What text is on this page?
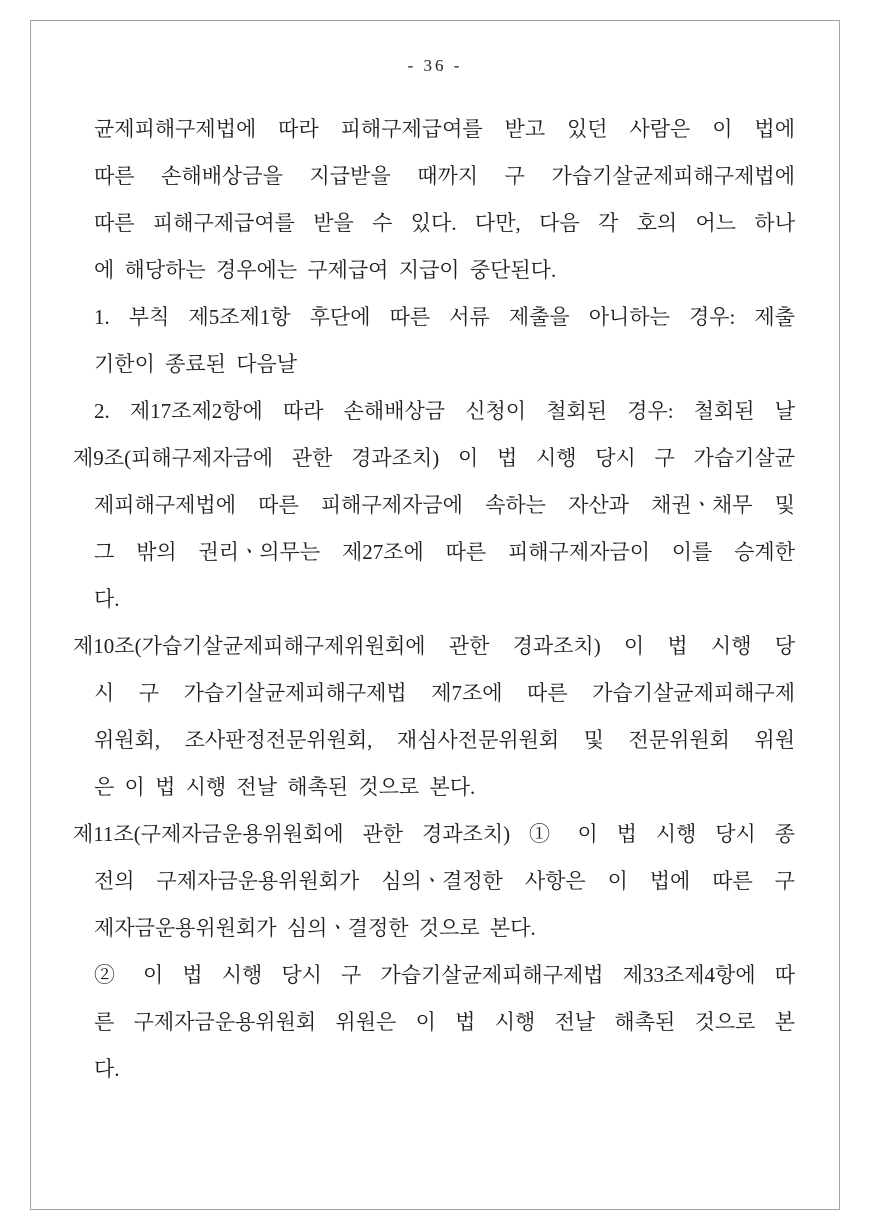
- 36 -
균제피해구제법에 따라 피해구제급여를 받고 있던 사람은 이 법에
따른 손해배상금을 지급받을 때까지 구 가습기살균제피해구제법에
따른 피해구제급여를 받을 수 있다. 다만, 다음 각 호의 어느 하나
에 해당하는 경우에는 구제급여 지급이 중단된다.
1. 부칙 제5조제1항 후단에 따른 서류 제출을 아니하는 경우: 제출
기한이 종료된 다음날
2. 제17조제2항에 따라 손해배상금 신청이 철회된 경우: 철회된 날
제9조(피해구제자금에 관한 경과조치) 이 법 시행 당시 구 가습기살균
제피해구제법에 따른 피해구제자금에 속하는 자산과 채권ㆍ채무 및
그 밖의 권리ㆍ의무는 제27조에 따른 피해구제자금이 이를 승계한
다.
제10조(가습기살균제피해구제위원회에 관한 경과조치) 이 법 시행 당
시 구 가습기살균제피해구제법 제7조에 따른 가습기살균제피해구제
위원회, 조사판정전문위원회, 재심사전문위원회 및 전문위원회 위원
은 이 법 시행 전날 해촉된 것으로 본다.
제11조(구제자금운용위원회에 관한 경과조치) ① 이 법 시행 당시 종
전의 구제자금운용위원회가 심의ㆍ결정한 사항은 이 법에 따른 구
제자금운용위원회가 심의ㆍ결정한 것으로 본다.
② 이 법 시행 당시 구 가습기살균제피해구제법 제33조제4항에 따
른 구제자금운용위원회 위원은 이 법 시행 전날 해촉된 것으로 본
다.
